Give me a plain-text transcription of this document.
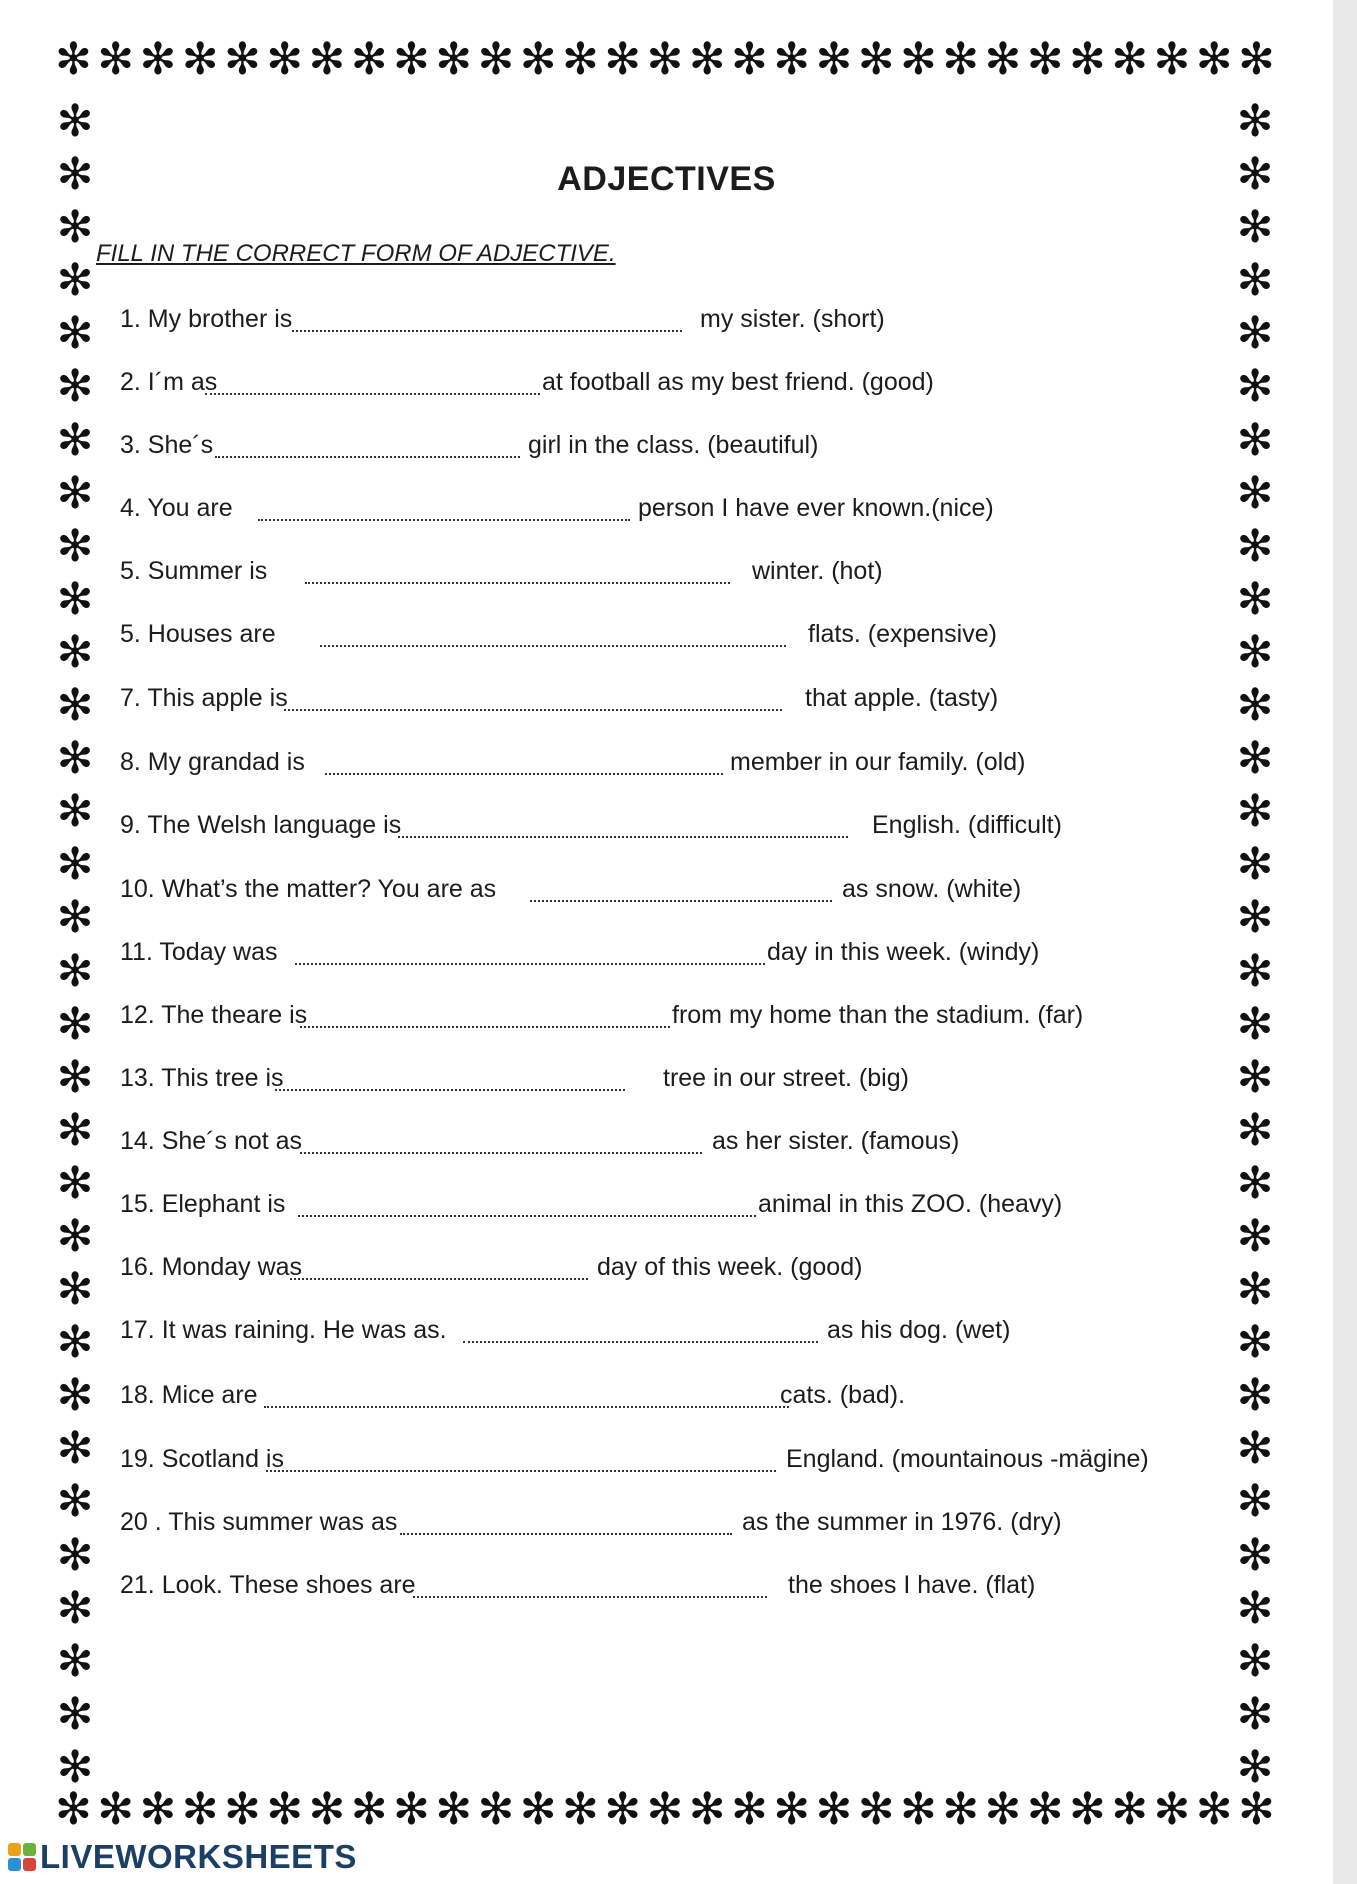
✻ ✻ ✻ ✻ ✻ ✻ ✻ ✻ ✻ ✻ ✻ ✻ ✻ ✻ ✻ ✻ ✻ ✻ ✻ ✻ ✻ ✻ ✻ ✻ ✻ ✻ ✻ ✻ ✻
✻ ✻ ✻ ✻ ✻ ✻ ✻ ✻ ✻ ✻ ✻ ✻ ✻ ✻ ✻ ✻ ✻ ✻ ✻ ✻ ✻ ✻ ✻ ✻ ✻ ✻ ✻ ✻ ✻
✻
✻
✻
✻
✻
✻
✻
✻
✻
✻
✻
✻
✻
✻
✻
✻
✻
✻
✻
✻
✻
✻
✻
✻
✻
✻
✻
✻
✻
✻
✻
✻
✻
✻
✻
✻
✻
✻
✻
✻
✻
✻
✻
✻
✻
✻
✻
✻
✻
✻
✻
✻
✻
✻
✻
✻
✻
✻
✻
✻
✻
✻
✻
✻
ADJECTIVES
FILL IN THE CORRECT FORM OF ADJECTIVE.
1. My brother is	my sister. (short)
2. I´m as	at football as my best friend. (good)
3. She´s	girl in the class. (beautiful)
4. You are	person I have ever known.(nice)
5. Summer is	winter. (hot)
5. Houses are	flats. (expensive)
7. This apple is	that apple. (tasty)
8. My grandad is	member in our family. (old)
9. The Welsh language is	English. (difficult)
10. What’s the matter? You are as	as snow. (white)
11. Today was	day in this week. (windy)
12. The theare is	from my home than the stadium. (far)
13. This tree is	tree in our street. (big)
14. She´s not as	as her sister. (famous)
15. Elephant is	animal in this ZOO. (heavy)
16. Monday was	day of this week. (good)
17. It was raining. He was as.	as his dog. (wet)
18. Mice are	cats. (bad).
19. Scotland is	England. (mountainous -mägine)
20 . This summer was as	as the summer in 1976. (dry)
21. Look. These shoes are	the shoes I have. (flat)
LIVEWORKSHEETS
